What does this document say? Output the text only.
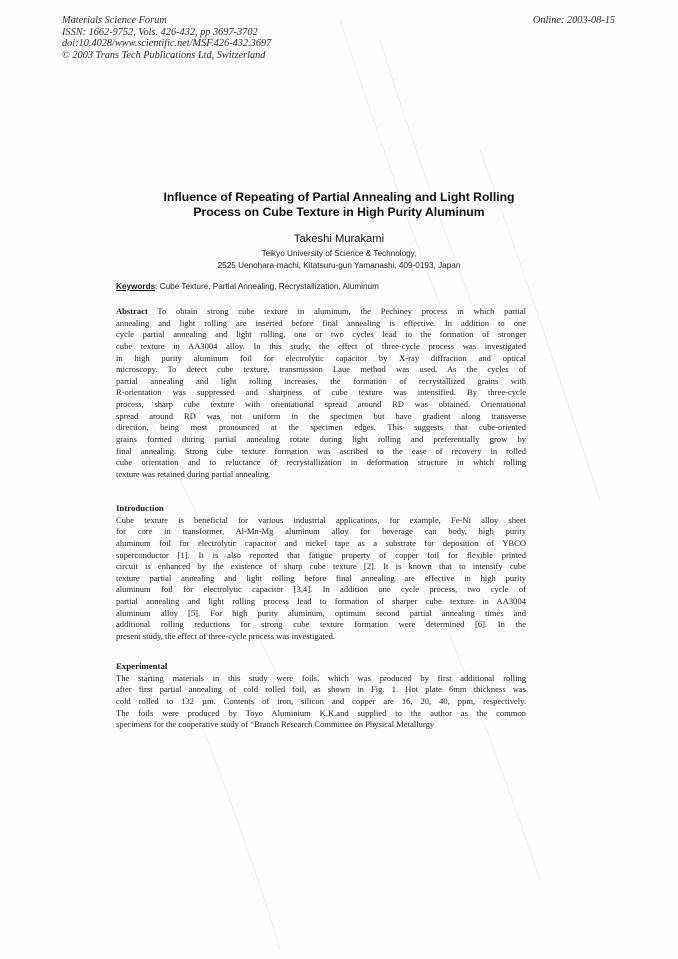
Materials Science Forum
ISSN: 1662-9752, Vols. 426-432, pp 3697-3702
doi:10.4028/www.scientific.net/MSF.426-432.3697
© 2003 Trans Tech Publications Ltd, Switzerland
Online: 2003-08-15
Influence of Repeating of Partial Annealing and Light Rolling
Process on Cube Texture in High Purity Aluminum
Takeshi Murakami
Teikyo University of Science & Technology,
2525 Uenohara-machi, Kitatsuru-gun Yamanashi, 409-0193, Japan
Keywords: Cube Texture, Partial Annealing, Recrystallization, Aluminum
Abstract To obtain strong cube texture in aluminum, the Pechiney process in which partial
annealing and light rolling are inserted before final annealing is effective. In addition to one
cycle partial annealing and light rolling, one or two cycles lead to the formation of stronger
cube texture in AA3004 alloy. In this study, the effect of three-cycle process was investigated
in high purity aluminum foil for electrolytic capacitor by X-ray diffraction and optical
microscopy. To detect cube texture, transmission Laue method was used. As the cycles of
partial annealing and light rolling increases, the formation of recrystallized grains with
R-orientation was suppressed and sharpness of cube texture was intensified. By three-cycle
process, sharp cube texture with orientational spread around RD was obtained. Orientational
spread around RD was not uniform in the specimen but have gradient along transverse
direction, being most pronounced at the specimen edges. This suggests that cube-oriented
grains formed during partial annealing rotate during light rolling and preferentially grow by
final annealing. Strong cube texture formation was ascribed to the ease of recovery in rolled
cube orientation and to reluctance of recrystallization in deformation structure in which rolling
texture was retained during partial annealing.
Introduction
Cube texture is beneficial for various industrial applications, for example, Fe-Ni alloy sheet
for core in transformer, Al-Mn-Mg aluminum alloy for beverage can body, high purity
aluminum foil for electrolytic capacitor and nickel tape as a substrate for deposition of YBCO
superconductor [1]. It is also reported that fatigue property of copper foil for flexible printed
circuit is enhanced by the existence of sharp cube texture [2]. It is known that to intensify cube
texture partial annealing and light rolling before final annealing are effective in high purity
aluminum foil for electrolytic capacitor [3,4]. In addition one cycle process, two cycle of
partial annealing and light rolling process lead to formation of sharper cube texture in AA3004
aluminum alloy [5]. For high purity aluminum, optimum second partial annealing times and
additional rolling reductions for strong cube texture formation were determined [6]. In the
present study, the effect of three-cycle process was investigated.
Experimental
The starting materials in this study were foils, which was produced by first additional rolling
after first partial annealing of cold rolled foil, as shown in Fig. 1. Hot plate 6mm thickness was
cold rolled to 132 µm. Contents of iron, silicon and copper are 16, 20, 40, ppm, respectively.
The foils were produced by Toyo Aluminium K.K.and supplied to the author as the common
specimens for the cooperative study of “Branch Research Committee on Physical Metallurgy
